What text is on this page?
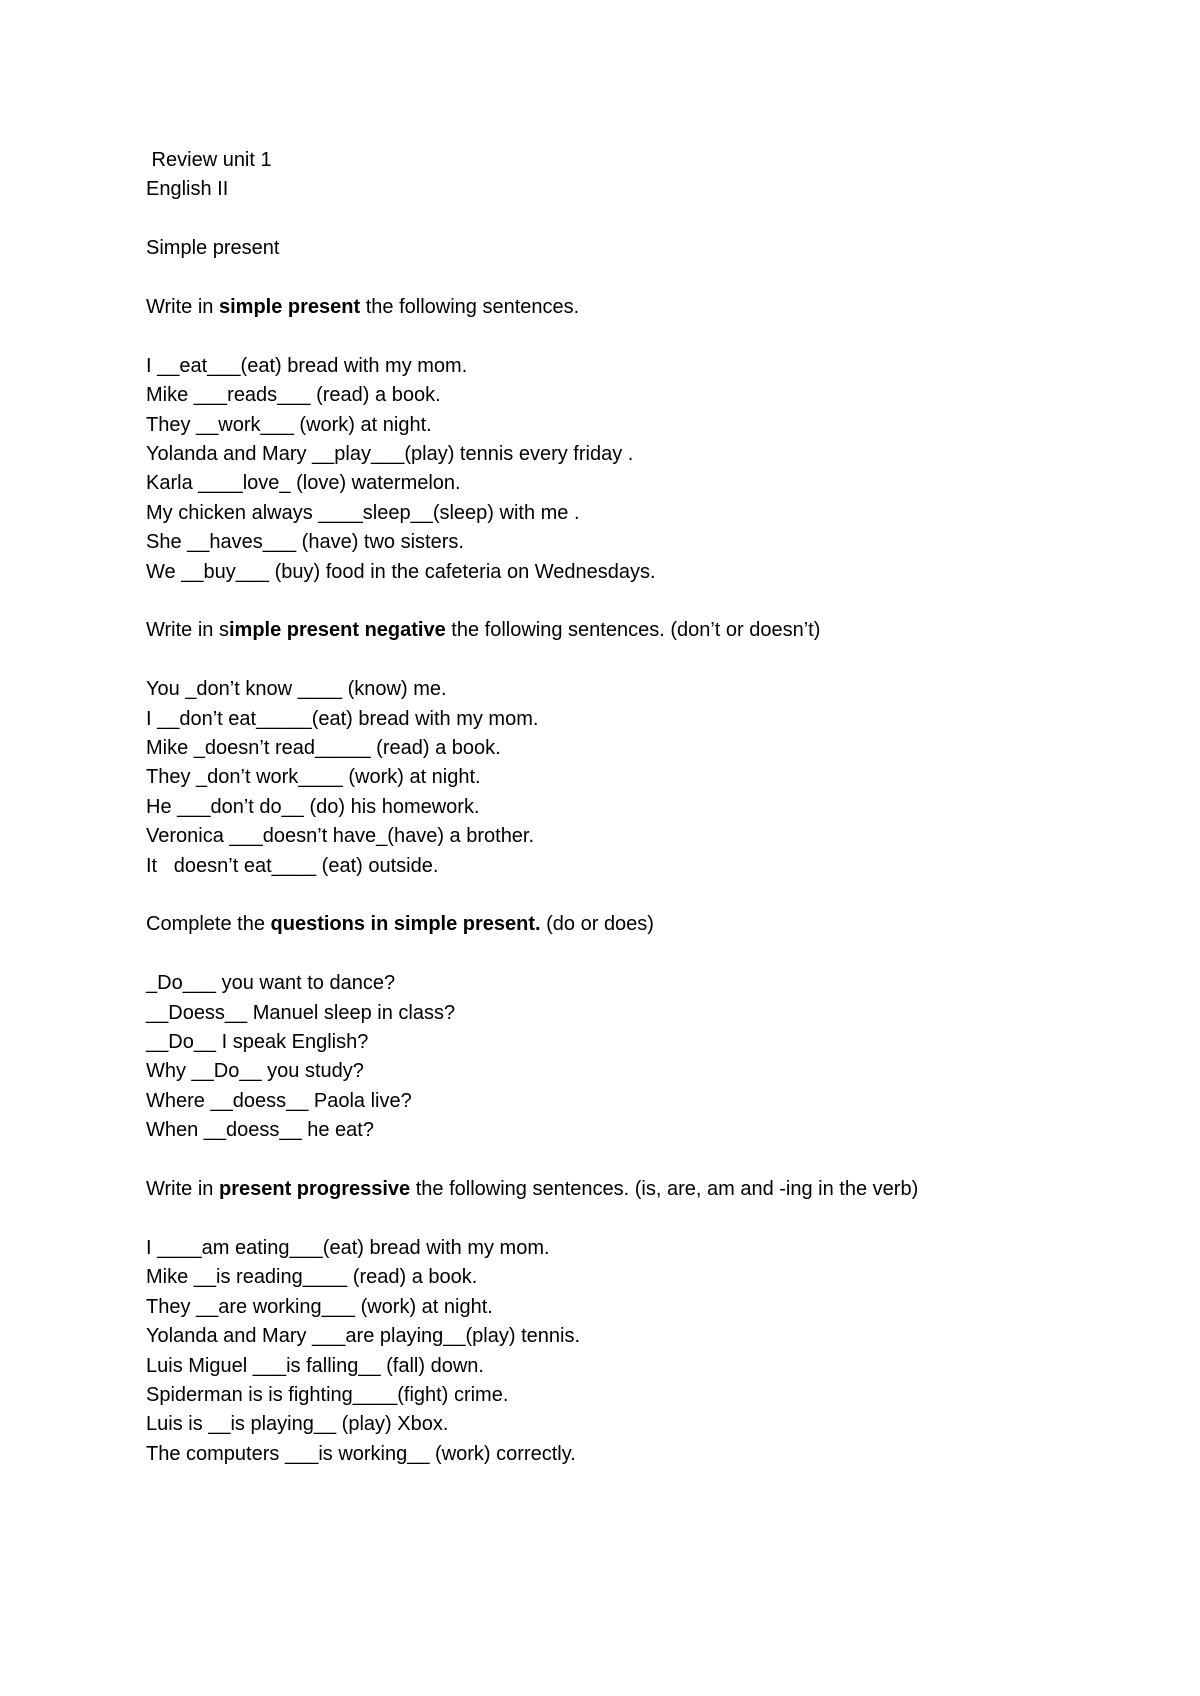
Review unit 1
English II
Simple present
Write in simple present the following sentences.
I __eat___(eat) bread with my mom.
Mike ___reads___ (read) a book.
They __work___ (work) at night.
Yolanda and Mary __play___(play) tennis every friday .
Karla ____love_ (love) watermelon.
My chicken always ____sleep__(sleep) with me .
She __haves___ (have) two sisters.
We __buy___ (buy) food in the cafeteria on Wednesdays.
Write in simple present negative the following sentences. (don’t or doesn’t)
You _don’t know ____ (know) me.
I __don’t eat_____(eat) bread with my mom.
Mike _doesn’t read_____ (read) a book.
They _don’t work____ (work) at night.
He ___don’t do__ (do) his homework.
Veronica ___doesn’t have_(have) a brother.
It   doesn’t eat____ (eat) outside.
Complete the questions in simple present. (do or does)
_Do___ you want to dance?
__Doess__ Manuel sleep in class?
__Do__ I speak English?
Why __Do__ you study?
Where __doess__ Paola live?
When __doess__ he eat?
Write in present progressive the following sentences. (is, are, am and -ing in the verb)
I ____am eating___(eat) bread with my mom.
Mike __is reading____ (read) a book.
They __are working___ (work) at night.
Yolanda and Mary ___are playing__(play) tennis.
Luis Miguel ___is falling__ (fall) down.
Spiderman is is fighting____(fight) crime.
Luis is __is playing__ (play) Xbox.
The computers ___is working__ (work) correctly.
